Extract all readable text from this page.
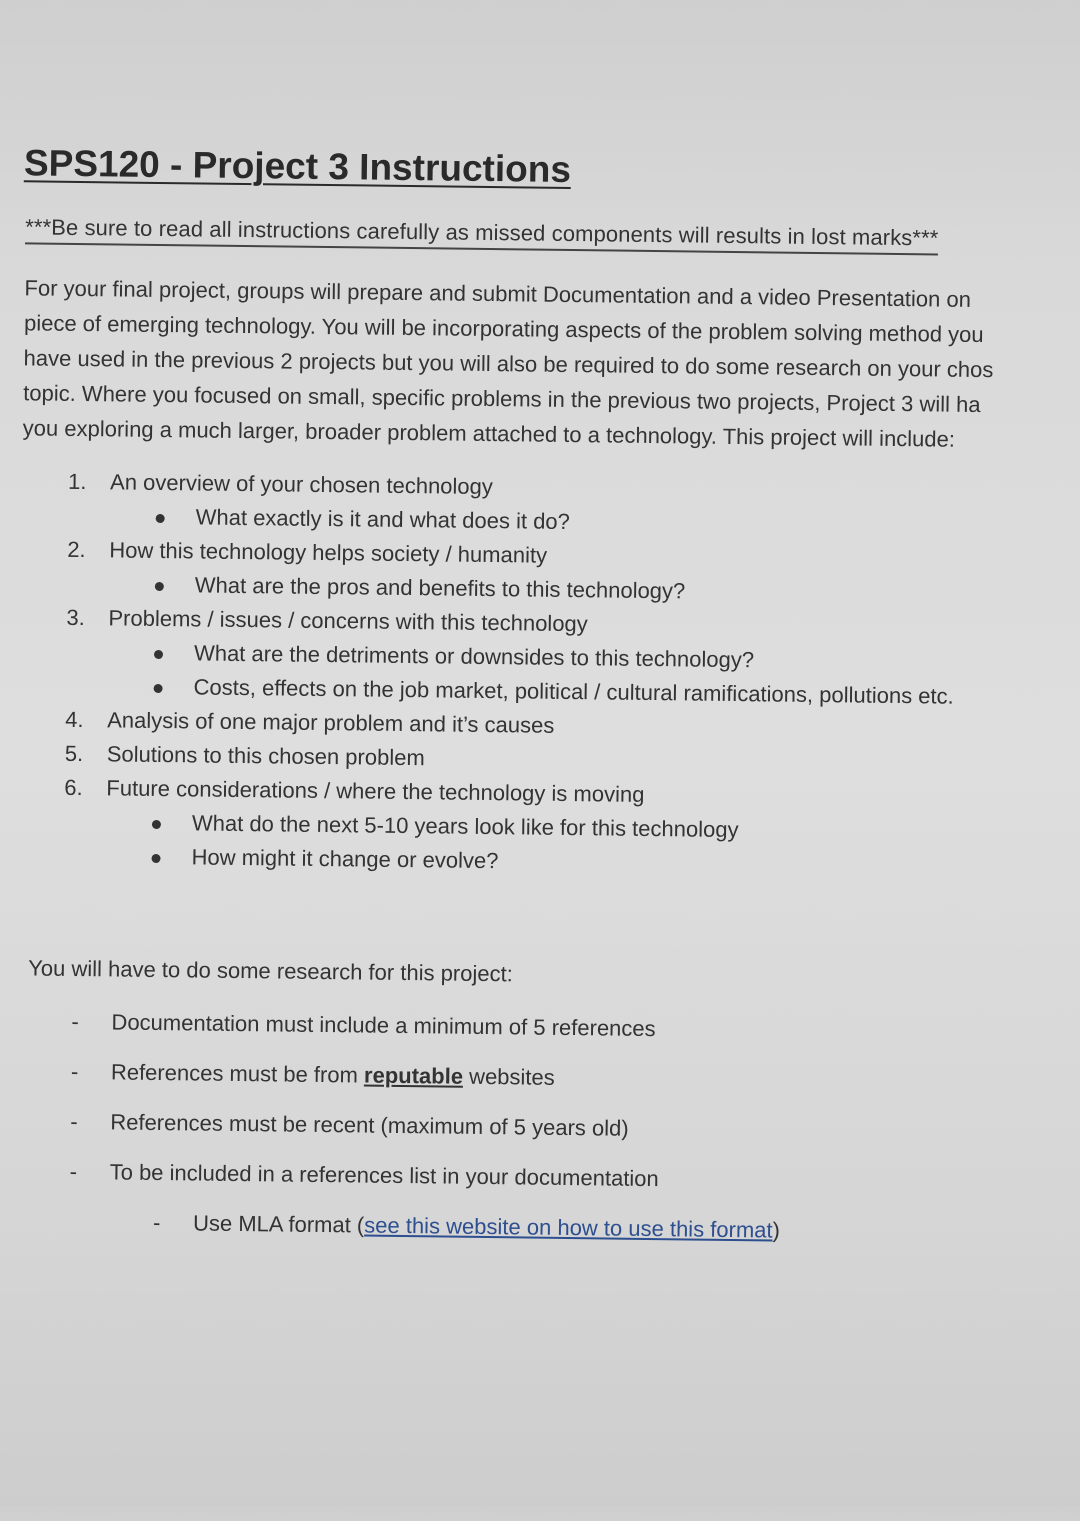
SPS120 - Project 3 Instructions
***Be sure to read all instructions carefully as missed components will results in lost marks***

For your final project, groups will prepare and submit Documentation and a video Presentation on
piece of emerging technology. You will be incorporating aspects of the problem solving method you
have used in the previous 2 projects but you will also be required to do some research on your chos
topic. Where you focused on small, specific problems in the previous two projects, Project 3 will ha
you exploring a much larger, broader problem attached to a technology. This project will include:

1.	An overview of your chosen technology
What exactly is it and what does it do?
2.	How this technology helps society / humanity
What are the pros and benefits to this technology?
3.	Problems / issues / concerns with this technology
What are the detriments or downsides to this technology?
Costs, effects on the job market, political / cultural ramifications, pollutions etc.
4.	Analysis of one major problem and it’s causes
5.	Solutions to this chosen problem
6.	Future considerations / where the technology is moving
What do the next 5-10 years look like for this technology
How might it change or evolve?

You will have to do some research for this project:

- Documentation must include a minimum of 5 references
- References must be from reputable websites
- References must be recent (maximum of 5 years old)
- To be included in a references list in your documentation
- Use MLA format (see this website on how to use this format)
